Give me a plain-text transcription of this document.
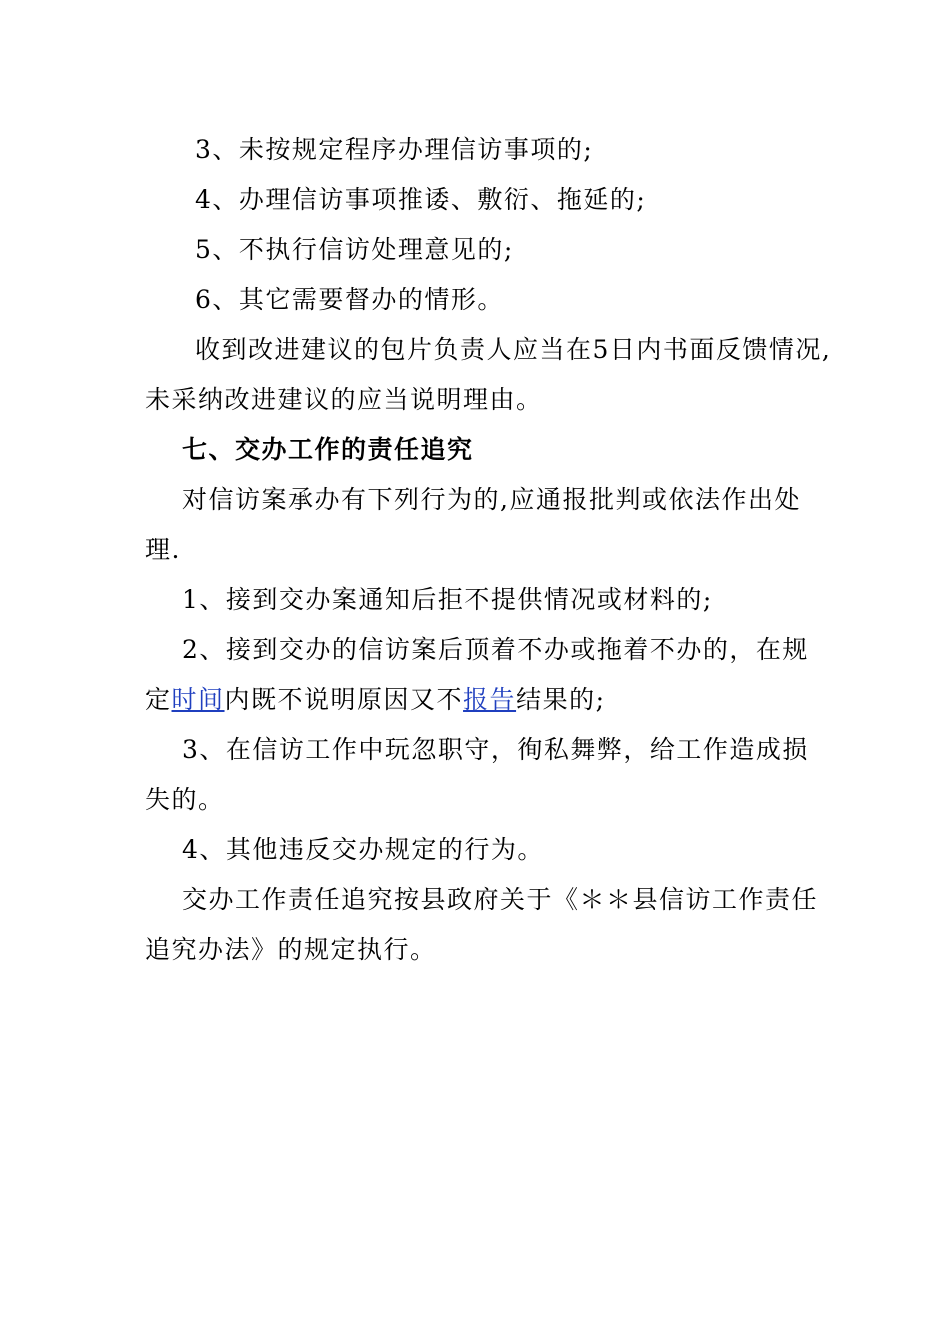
3、未按规定程序办理信访事项的;
4、办理信访事项推诿、敷衍、拖延的;
5、不执行信访处理意见的;
6、其它需要督办的情形。
收到改进建议的包片负责人应当在5日内书面反馈情况,
未采纳改进建议的应当说明理由。
七、交办工作的责任追究
对信访案承办有下列行为的,应通报批判或依法作出处
理.
1、接到交办案通知后拒不提供情况或材料的;
2、接到交办的信访案后顶着不办或拖着不办的，在规
定时间内既不说明原因又不报告结果的;
3、在信访工作中玩忽职守，徇私舞弊，给工作造成损
失的。
4、其他违反交办规定的行为。
交办工作责任追究按县政府关于《＊＊县信访工作责任
追究办法》的规定执行。
